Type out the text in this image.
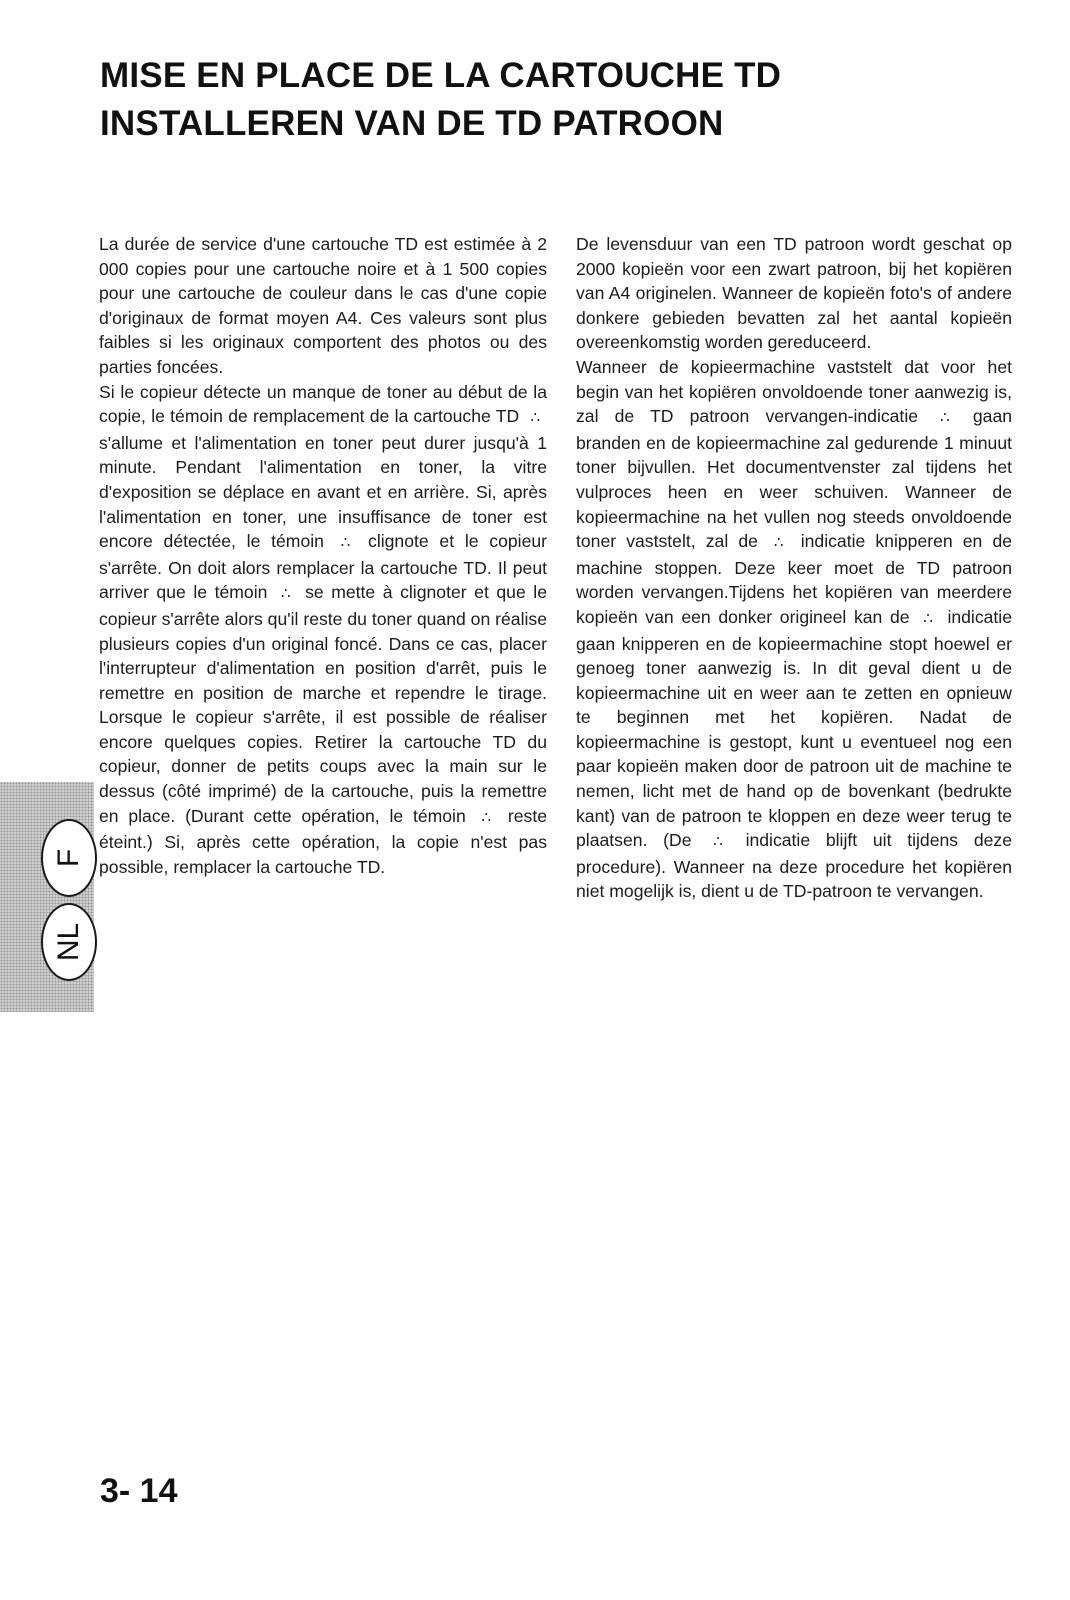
MISE EN PLACE DE LA CARTOUCHE TD
INSTALLEREN VAN DE TD PATROON

La durée de service d'une cartouche TD est estimée à 2 000 copies pour une cartouche noire et à 1 500 copies pour une cartouche de couleur dans le cas d'une copie d'originaux de format moyen A4. Ces valeurs sont plus faibles si les originaux comportent des photos ou des parties foncées.

Si le copieur détecte un manque de toner au début de la copie, le témoin de remplacement de la cartouche TD ∴ s'allume et l'alimentation en toner peut durer jusqu'à 1 minute. Pendant l'alimentation en toner, la vitre d'exposition se déplace en avant et en arrière. Si, après l'alimentation en toner, une insuffisance de toner est encore détectée, le témoin ∴ clignote et le copieur s'arrête. On doit alors remplacer la cartouche TD. Il peut arriver que le témoin ∴ se mette à clignoter et que le copieur s'arrête alors qu'il reste du toner quand on réalise plusieurs copies d'un original foncé. Dans ce cas, placer l'interrupteur d'alimentation en position d'arrêt, puis le remettre en position de marche et rependre le tirage. Lorsque le copieur s'arrête, il est possible de réaliser encore quelques copies. Retirer la cartouche TD du copieur, donner de petits coups avec la main sur le dessus (côté imprimé) de la cartouche, puis la remettre en place. (Durant cette opération, le témoin ∴ reste éteint.) Si, après cette opération, la copie n'est pas possible, remplacer la cartouche TD.

De levensduur van een TD patroon wordt geschat op 2000 kopieën voor een zwart patroon, bij het kopiëren van A4 originelen. Wanneer de kopieën foto's of andere donkere gebieden bevatten zal het aantal kopieën overeenkomstig worden gereduceerd.

Wanneer de kopieermachine vaststelt dat voor het begin van het kopiëren onvoldoende toner aanwezig is, zal de TD patroon vervangen-indicatie ∴ gaan branden en de kopieermachine zal gedurende 1 minuut toner bijvullen. Het documentvenster zal tijdens het vulproces heen en weer schuiven. Wanneer de kopieermachine na het vullen nog steeds onvoldoende toner vaststelt, zal de ∴ indicatie knipperen en de machine stoppen. Deze keer moet de TD patroon worden vervangen.Tijdens het kopiëren van meerdere kopieën van een donker origineel kan de ∴ indicatie gaan knipperen en de kopieermachine stopt hoewel er genoeg toner aanwezig is. In dit geval dient u de kopieermachine uit en weer aan te zetten en opnieuw te beginnen met het kopiëren. Nadat de kopieermachine is gestopt, kunt u eventueel nog een paar kopieën maken door de patroon uit de machine te nemen, licht met de hand op de bovenkant (bedrukte kant) van de patroon te kloppen en deze weer terug te plaatsen. (De ∴ indicatie blijft uit tijdens deze procedure). Wanneer na deze procedure het kopiëren niet mogelijk is, dient u de TD-patroon te vervangen.

F
NL
3- 14
